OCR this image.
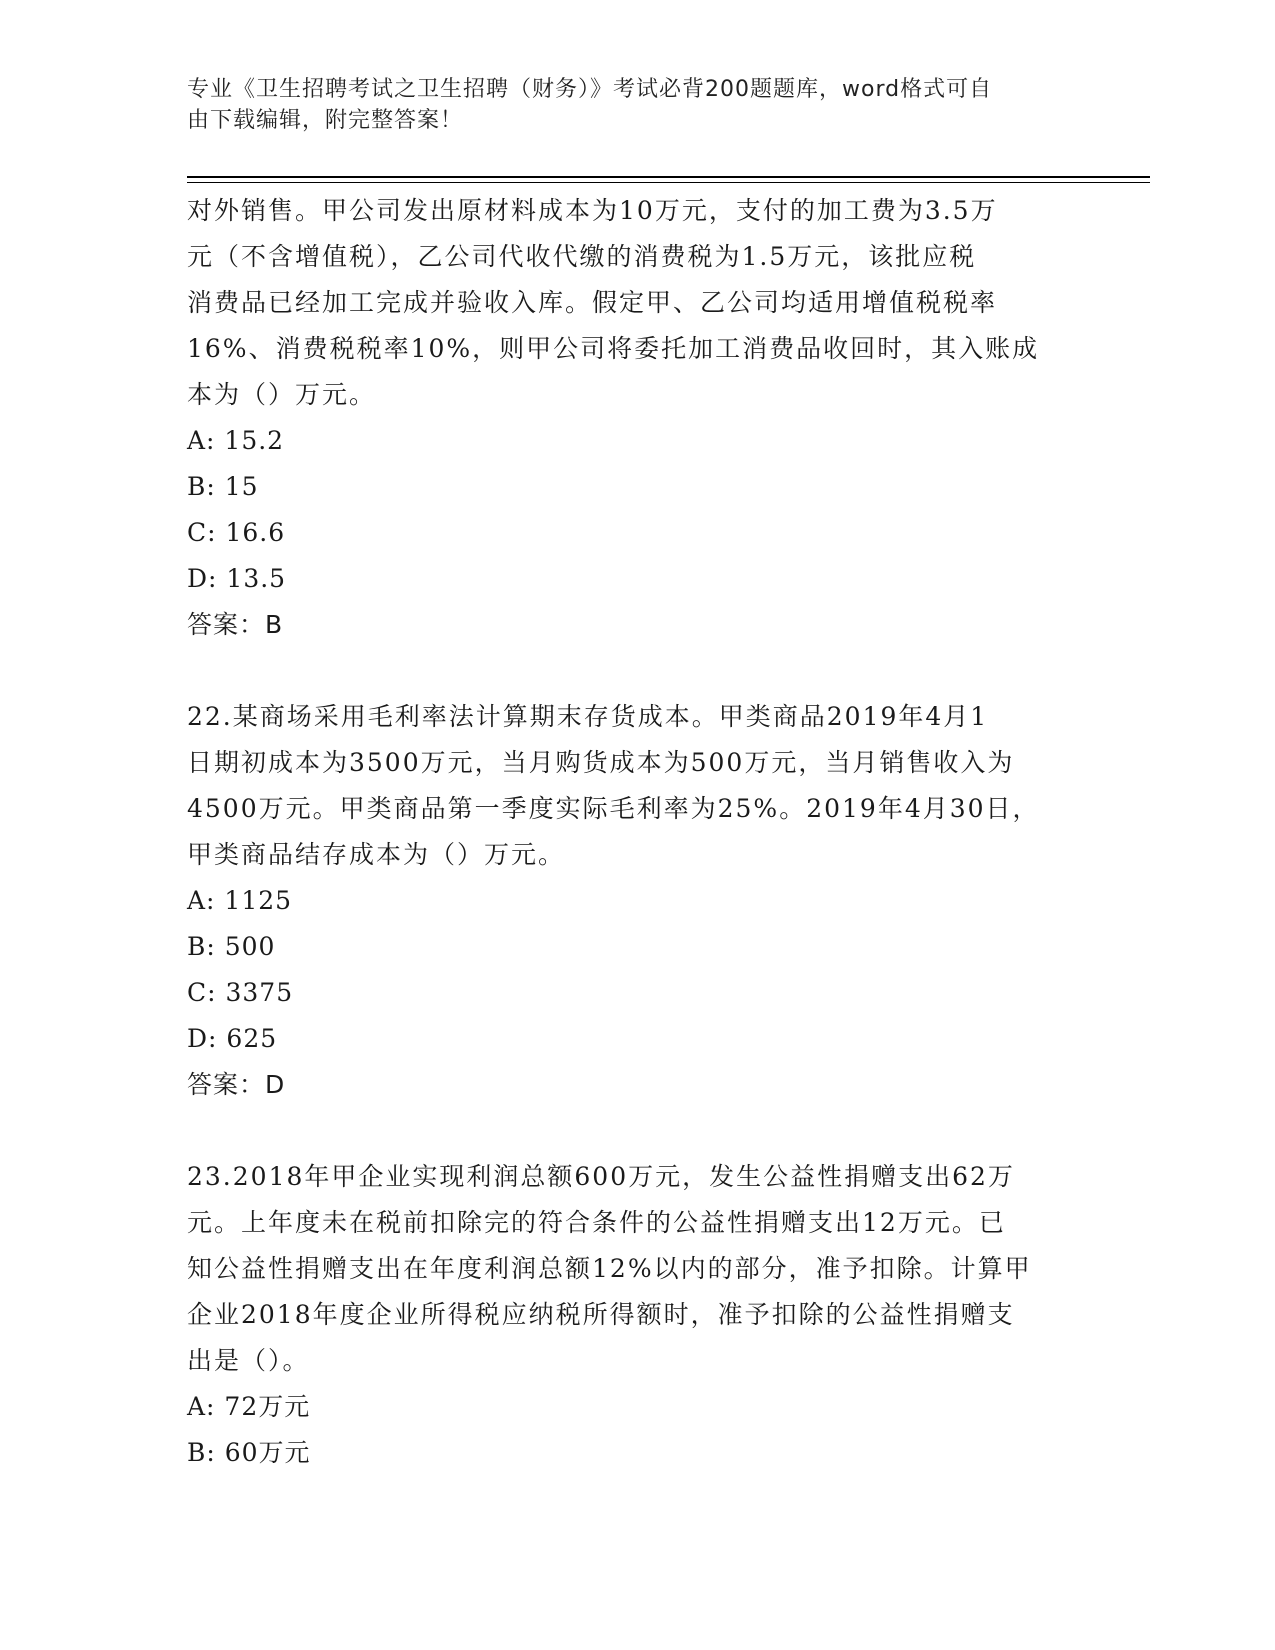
专业《卫生招聘考试之卫生招聘（财务）》考试必背200题题库，word格式可自
由下载编辑，附完整答案！

对外销售。甲公司发出原材料成本为10万元，支付的加工费为3.5万

元（不含增值税），乙公司代收代缴的消费税为1.5万元，该批应税

消费品已经加工完成并验收入库。假定甲、乙公司均适用增值税税率

16%、消费税税率10%，则甲公司将委托加工消费品收回时，其入账成

本为（）万元。

A: 15.2

B: 15

C: 16.6

D: 13.5

答案：B

22.某商场采用毛利率法计算期末存货成本。甲类商品2019年4月1

日期初成本为3500万元，当月购货成本为500万元，当月销售收入为

4500万元。甲类商品第一季度实际毛利率为25%。2019年4月30日，

甲类商品结存成本为（）万元。

A: 1125

B: 500

C: 3375

D: 625

答案：D

23.2018年甲企业实现利润总额600万元，发生公益性捐赠支出62万

元。上年度未在税前扣除完的符合条件的公益性捐赠支出12万元。已

知公益性捐赠支出在年度利润总额12%以内的部分，准予扣除。计算甲

企业2018年度企业所得税应纳税所得额时，准予扣除的公益性捐赠支

出是（）。

A: 72万元

B: 60万元
